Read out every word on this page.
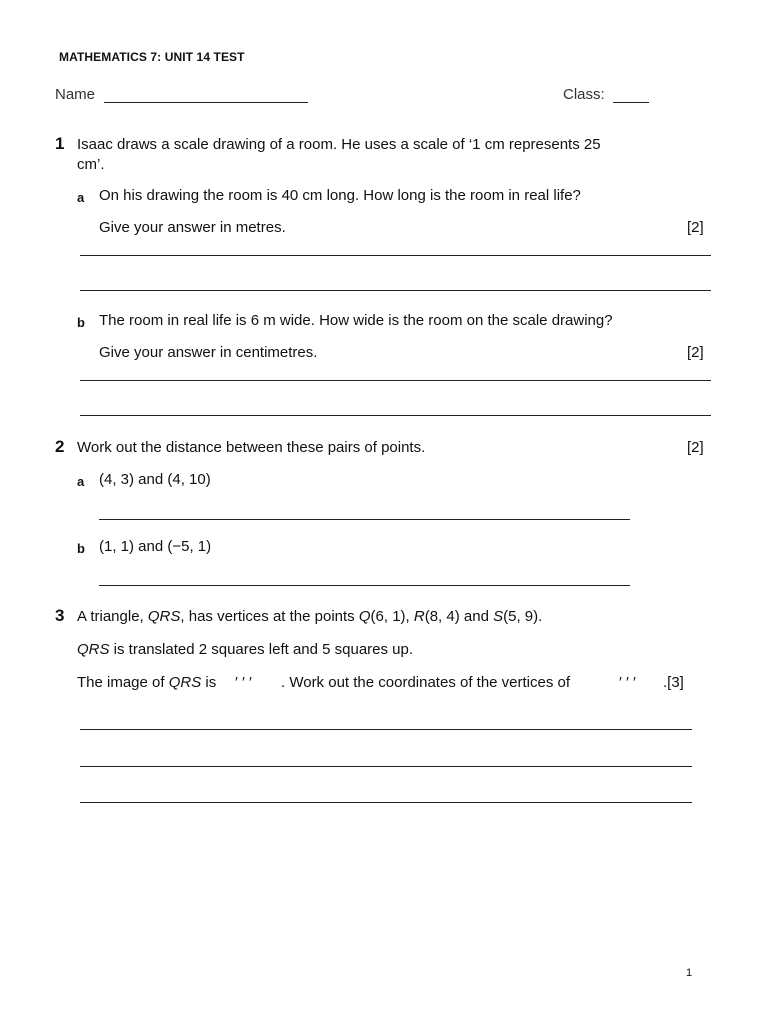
MATHEMATICS 7: UNIT 14 TEST
Name	Class:
1 Isaac draws a scale drawing of a room. He uses a scale of ‘1 cm represents 25
cm’.
a On his drawing the room is 40 cm long. How long is the room in real life?
Give your answer in metres.	[2]
b The room in real life is 6 m wide. How wide is the room on the scale drawing?
Give your answer in centimetres.	[2]
2 Work out the distance between these pairs of points.	[2]
a (4, 3) and (4, 10)
b (1, 1) and (−5, 1)
3 A triangle, QRS, has vertices at the points Q(6, 1), R(8, 4) and S(5, 9).
QRS is translated 2 squares left and 5 squares up.
The image of QRS is ′ ′ ′ . Work out the coordinates of the vertices of	′ ′ ′ .[3]
1
